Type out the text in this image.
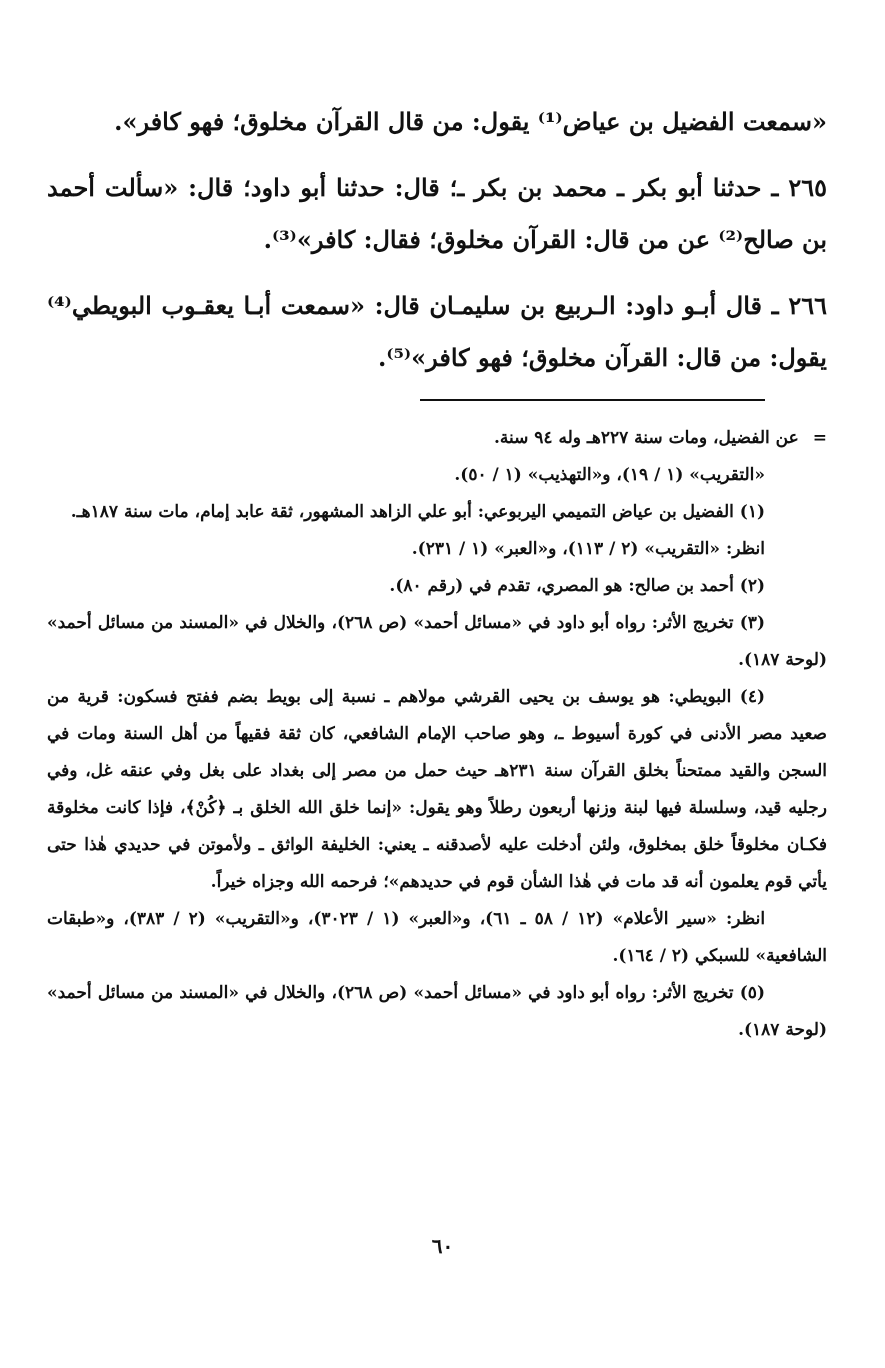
«سمعت الفضيل بن عياض⁽¹⁾ يقول: من قال القرآن مخلوق؛ فهو كافر».

٢٦٥ ـ حدثنا أبو بكر ـ محمد بن بكر ـ؛ قال: حدثنا أبو داود؛ قال: «سألت أحمد بن صالح⁽²⁾ عن من قال: القرآن مخلوق؛ فقال: كافر»⁽³⁾.

٢٦٦ ـ قال أبـو داود: الـربيع بن سليمـان قال: «سمعت أبـا يعقـوب البويطي⁽⁴⁾ يقول: من قال: القرآن مخلوق؛ فهو كافر»⁽⁵⁾.

=عن الفضيل، ومات سنة ٢٢٧هـ وله ٩٤ سنة.

«التقريب» (١ / ١٩)، و«التهذيب» (١ / ٥٠).

(١) الفضيل بن عياض التميمي اليربوعي: أبو علي الزاهد المشهور، ثقة عابد إمام، مات سنة ١٨٧هـ.

انظر: «التقريب» (٢ / ١١٣)، و«العبر» (١ / ٢٣١).

(٢) أحمد بن صالح: هو المصري، تقدم في (رقم ٨٠).

(٣) تخريج الأثر: رواه أبو داود في «مسائل أحمد» (ص ٢٦٨)، والخلال في «المسند من مسائل أحمد» (لوحة ١٨٧).

(٤) البويطي: هو يوسف بن يحيى القرشي مولاهم ـ نسبة إلى بويط بضم ففتح فسكون: قرية من صعيد مصر الأدنى في كورة أسيوط ـ، وهو صاحب الإمام الشافعي، كان ثقة فقيهاً من أهل السنة ومات في السجن والقيد ممتحناً بخلق القرآن سنة ٢٣١هـ حيث حمل من مصر إلى بغداد على بغل وفي عنقه غل، وفي رجليه قيد، وسلسلة فيها لبنة وزنها أربعون رطلاً وهو يقول: «إنما خلق الله الخلق بـ ﴿كُنْ﴾، فإذا كانت مخلوقة فكـان مخلوقاً خلق بمخلوق، ولئن أدخلت عليه لأصدقنه ـ يعني: الخليفة الواثق ـ ولأموتن في حديدي هٰذا حتى يأتي قوم يعلمون أنه قد مات في هٰذا الشأن قوم في حديدهم»؛ فرحمه الله وجزاه خيراً.

انظر: «سير الأعلام» (١٢ / ٥٨ ـ ٦١)، و«العبر» (١ / ٣٠٢٣)، و«التقريب» (٢ / ٣٨٣)، و«طبقات الشافعية» للسبكي (٢ / ١٦٤).

(٥) تخريج الأثر: رواه أبو داود في «مسائل أحمد» (ص ٢٦٨)، والخلال في «المسند من مسائل أحمد» (لوحة ١٨٧).

٦٠
